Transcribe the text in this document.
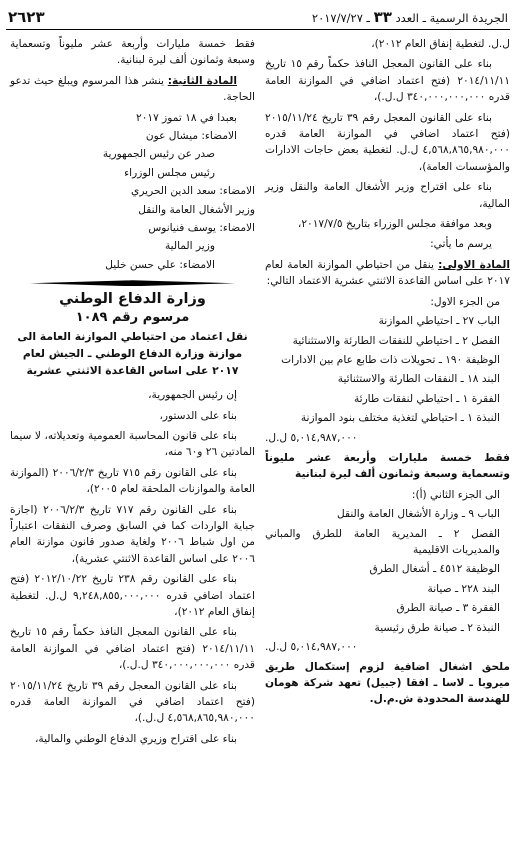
الجريدة الرسمية ـ العدد ٣٣ ـ ٢٠١٧/٧/٢٧
٢٦٢٣

ل.ل. لتغطية إنفاق العام ٢٠١٢)،

بناء على القانون المعجل النافذ حكماً رقم ١٥ تاريخ ٢٠١٤/١١/١١ (فتح اعتماد اضافي في الموازنة العامة قدره ٣٤٠,٠٠٠,٠٠٠,٠٠٠ ل.ل.)،

بناء على القانون المعجل رقم ٣٩ تاريخ ٢٠١٥/١١/٢٤ (فتح اعتماد اضافي في الموازنة العامة قدره ٤,٥٦٨,٨٦٥,٩٨٠,٠٠٠ ل.ل. لتغطية بعض حاجات الادارات والمؤسسات العامة)،

بناء على اقتراح وزير الأشغال العامة والنقل وزير المالية،

وبعد موافقة مجلس الوزراء بتاريخ ٢٠١٧/٧/٥،

يرسم ما يأتي:

المادة الاولى: ينقل من احتياطي الموازنة العامة لعام ٢٠١٧ على اساس القاعدة الاثنتي عشرية الاعتماد التالي:

من الجزء الاول:

الباب ٢٧ ـ احتياطي الموازنة

الفصل ٢ ـ احتياطي للنفقات الطارئة والاستثنائية

الوظيفة ١٩٠ ـ تحويلات ذات طابع عام بين الادارات

البند ١٨ ـ النفقات الطارئة والاستثنائية

الفقرة ١ ـ احتياطي لنفقات طارئة

النبذة ١ ـ احتياطي لتغذية مختلف بنود الموازنة

٥,٠١٤,٩٨٧,٠٠٠ ل.ل.

فقط خمسة مليارات وأربعة عشر مليوناً وتسعماية وسبعة وثمانون ألف ليرة لبنانية

الى الجزء الثاني (أ):

الباب ٩ ـ وزارة الأشغال العامة والنقل

الفصل ٢ ـ المديرية العامة للطرق والمباني والمديريات الاقليمية

الوظيفة ٤٥١٢ ـ أشغال الطرق

البند ٢٢٨ ـ صيانة

الفقرة ٣ ـ صيانة الطرق

النبذة ٢ ـ صيانة طرق رئيسية

٥,٠١٤,٩٨٧,٠٠٠ ل.ل.

ملحق اشغال اضافية لزوم إستكمال طريق ميروبا ـ لاسا ـ افقا (جبيل) تعهد شركة هومان للهندسة المحدودة ش.م.ل.

فقط خمسة مليارات وأربعة عشر مليوناً وتسعماية وسبعة وثمانون ألف ليرة لبنانية.

المادة الثانية: ينشر هذا المرسوم ويبلغ حيث تدعو الحاجة.

بعبدا في ١٨ تموز ٢٠١٧

الامضاء: ميشال عون

صدر عن رئيس الجمهورية

رئيس مجلس الوزراء

الامضاء: سعد الدين الحريري

وزير الأشغال العامة والنقل

الامضاء: يوسف فنيانوس

وزير المالية

الامضاء: علي حسن خليل

وزارة الدفاع الوطني
مرسوم رقم ١٠٨٩
نقل اعتماد من احتياطي الموازنة العامة الى موازنة وزارة الدفاع الوطني ـ الجيش لعام ٢٠١٧ على اساس القاعدة الاثنتي عشرية

إن رئيس الجمهورية،

بناء على الدستور،

بناء على قانون المحاسبة العمومية وتعديلاته، لا سيما المادتين ٢٦ و٦٠ منه،

بناء على القانون رقم ٧١٥ تاريخ ٢٠٠٦/٢/٣ (الموازنة العامة والموازنات الملحقة لعام ٢٠٠٥)،

بناء على القانون رقم ٧١٧ تاريخ ٢٠٠٦/٢/٣ (اجازة جباية الواردات كما في السابق وصرف النفقات اعتباراً من اول شباط ٢٠٠٦ ولغاية صدور قانون موازنة العام ٢٠٠٦ على اساس القاعدة الاثنتي عشرية)،

بناء على القانون رقم ٢٣٨ تاريخ ٢٠١٢/١٠/٢٢ (فتح اعتماد اضافي قدره ٩,٢٤٨,٨٥٥,٠٠٠,٠٠٠ ل.ل. لتغطية إنفاق العام ٢٠١٢)،

بناء على القانون المعجل النافذ حكماً رقم ١٥ تاريخ ٢٠١٤/١١/١١ (فتح اعتماد اضافي في الموازنة العامة قدره ٣٤٠,٠٠٠,٠٠٠,٠٠٠ ل.ل.)،

بناء على القانون المعجل رقم ٣٩ تاريخ ٢٠١٥/١١/٢٤ (فتح اعتماد اضافي في الموازنة العامة قدره ٤,٥٦٨,٨٦٥,٩٨٠,٠٠٠ ل.ل.)،

بناء على اقتراح وزيري الدفاع الوطني والمالية،
